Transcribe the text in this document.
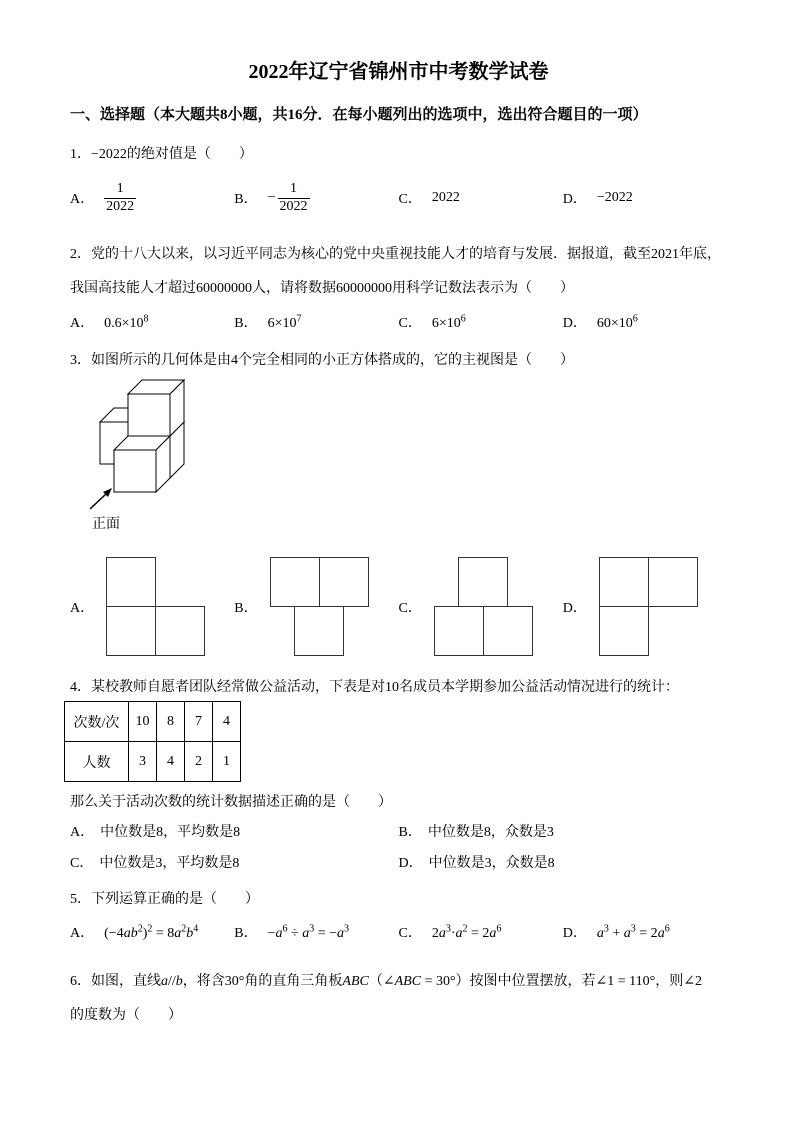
2022年辽宁省锦州市中考数学试卷
一、选择题（本大题共8小题，共16分．在每小题列出的选项中，选出符合题目的一项）
1．−2022的绝对值是（　　）
A． $\frac{1}{2022}$	B． − $\frac{1}{2022}$	C． 2022	D． −2022
2．党的十八大以来，以习近平同志为核心的党中央重视技能人才的培育与发展．据报道，截至2021年底，
我国高技能人才超过60000000人，请将数据60000000用科学记数法表示为（　　）
A． $0.6\times 10^8$	B． $6\times 10^7$	C． $6\times 10^6$	D． $60\times 10^6$
3．如图所示的几何体是由4个完全相同的小正方体搭成的，它的主视图是（　　）
正面
A．	B．	C．	D．
4．某校教师自愿者团队经常做公益活动，下表是对10名成员本学期参加公益活动情况进行的统计：
次数/次	10	8	7	4
人数	3	4	2	1
那么关于活动次数的统计数据描述正确的是（　　）
A． 中位数是8，平均数是8	B． 中位数是8，众数是3
C． 中位数是3，平均数是8	D． 中位数是3，众数是8
5．下列运算正确的是（　　）
A． $(-4ab^2)^2 = 8a^2b^4$	B． $-a^6 \div a^3 = -a^3$	C． $2a^3\cdot a^2 = 2a^6$	D． $a^3 + a^3 = 2a^6$
6．如图，直线a//b，将含30°角的直角三角板ABC（∠ABC = 30°）按图中位置摆放，若∠1 = 110°，则∠2
的度数为（　　）
